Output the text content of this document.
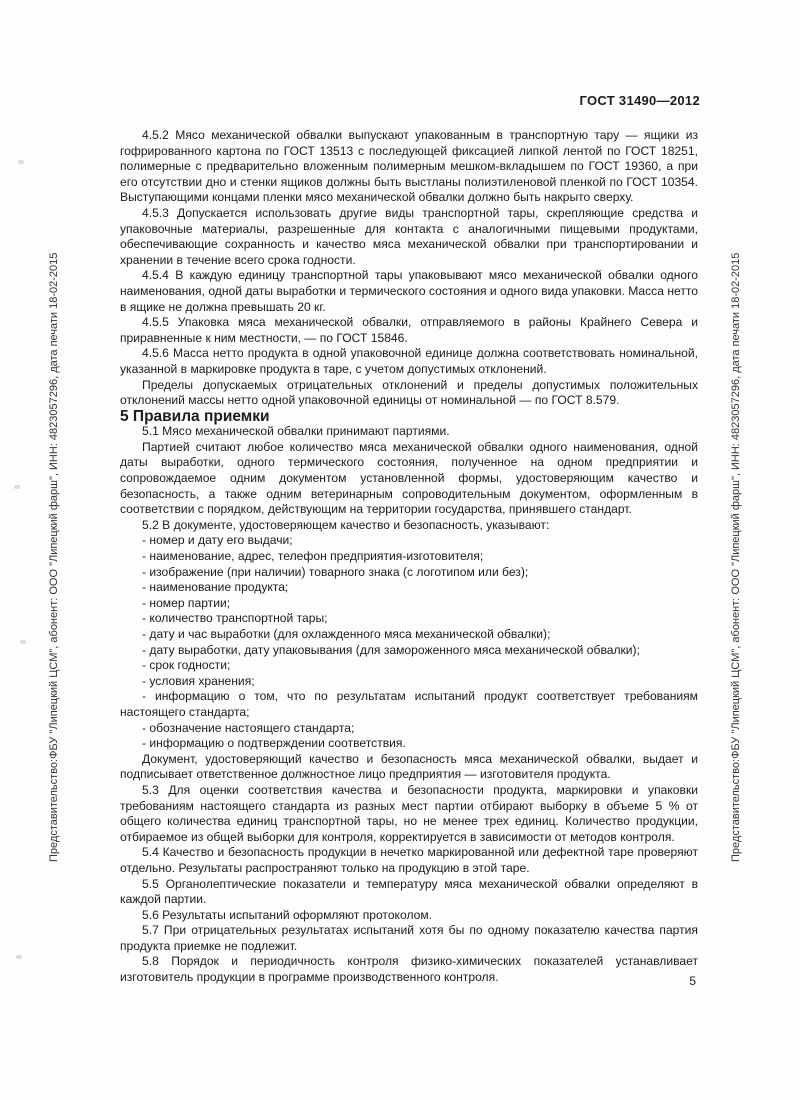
ГОСТ 31490—2012
Представительство:ФБУ "Липецкий ЦСМ", абонент: ООО "Липецкий фарш", ИНН: 4823057296, дата печати 18-02-2015	Представительство:ФБУ "Липецкий ЦСМ", абонент: ООО "Липецкий фарш", ИНН: 4823057296, дата печати 18-02-2015

4.5.2 Мясо механической обвалки выпускают упакованным в транспортную тару — ящики из гофрированного картона по ГОСТ 13513 с последующей фиксацией липкой лентой по ГОСТ 18251, полимерные с предварительно вложенным полимерным мешком-вкладышем по ГОСТ 19360, а при его отсутствии дно и стенки ящиков должны быть выстланы полиэтиленовой пленкой по ГОСТ 10354. Выступающими концами пленки мясо механической обвалки должно быть накрыто сверху.

4.5.3 Допускается использовать другие виды транспортной тары, скрепляющие средства и упаковочные материалы, разрешенные для контакта с аналогичными пищевыми продуктами, обеспечивающие сохранность и качество мяса механической обвалки при транспортировании и хранении в течение всего срока годности.

4.5.4 В каждую единицу транспортной тары упаковывают мясо механической обвалки одного наименования, одной даты выработки и термического состояния и одного вида упаковки. Масса нетто в ящике не должна превышать 20 кг.

4.5.5 Упаковка мяса механической обвалки, отправляемого в районы Крайнего Севера и приравненные к ним местности, — по ГОСТ 15846.

4.5.6 Масса нетто продукта в одной упаковочной единице должна соответствовать номинальной, указанной в маркировке продукта в таре, с учетом допустимых отклонений.

Пределы допускаемых отрицательных отклонений и пределы допустимых положительных отклонений массы нетто одной упаковочной единицы от номинальной — по ГОСТ 8.579.

5 Правила приемки

5.1 Мясо механической обвалки принимают партиями.

Партией считают любое количество мяса механической обвалки одного наименования, одной даты выработки, одного термического состояния, полученное на одном предприятии и сопровождаемое одним документом установленной формы, удостоверяющим качество и безопасность, а также одним ветеринарным сопроводительным документом, оформленным в соответствии с порядком, действующим на территории государства, принявшего стандарт.

5.2 В документе, удостоверяющем качество и безопасность, указывают:

- номер и дату его выдачи;
- наименование, адрес, телефон предприятия-изготовителя;
- изображение (при наличии) товарного знака (с логотипом или без);
- наименование продукта;
- номер партии;
- количество транспортной тары;
- дату и час выработки (для охлажденного мяса механической обвалки);
- дату выработки, дату упаковывания (для замороженного мяса механической обвалки);
- срок годности;
- условия хранения;
- информацию о том, что по результатам испытаний продукт соответствует требованиям настоящего стандарта;
- обозначение настоящего стандарта;
- информацию о подтверждении соответствия.

Документ, удостоверяющий качество и безопасность мяса механической обвалки, выдает и подписывает ответственное должностное лицо предприятия — изготовителя продукта.

5.3 Для оценки соответствия качества и безопасности продукта, маркировки и упаковки требованиям настоящего стандарта из разных мест партии отбирают выборку в объеме 5 % от общего количества единиц транспортной тары, но не менее трех единиц. Количество продукции, отбираемое из общей выборки для контроля, корректируется в зависимости от методов контроля.

5.4 Качество и безопасность продукции в нечетко маркированной или дефектной таре проверяют отдельно. Результаты распространяют только на продукцию в этой таре.

5.5 Органолептические показатели и температуру мяса механической обвалки определяют в каждой партии.

5.6 Результаты испытаний оформляют протоколом.

5.7 При отрицательных результатах испытаний хотя бы по одному показателю качества партия продукта приемке не подлежит.

5.8 Порядок и периодичность контроля физико-химических показателей устанавливает изготовитель продукции в программе производственного контроля.	5
